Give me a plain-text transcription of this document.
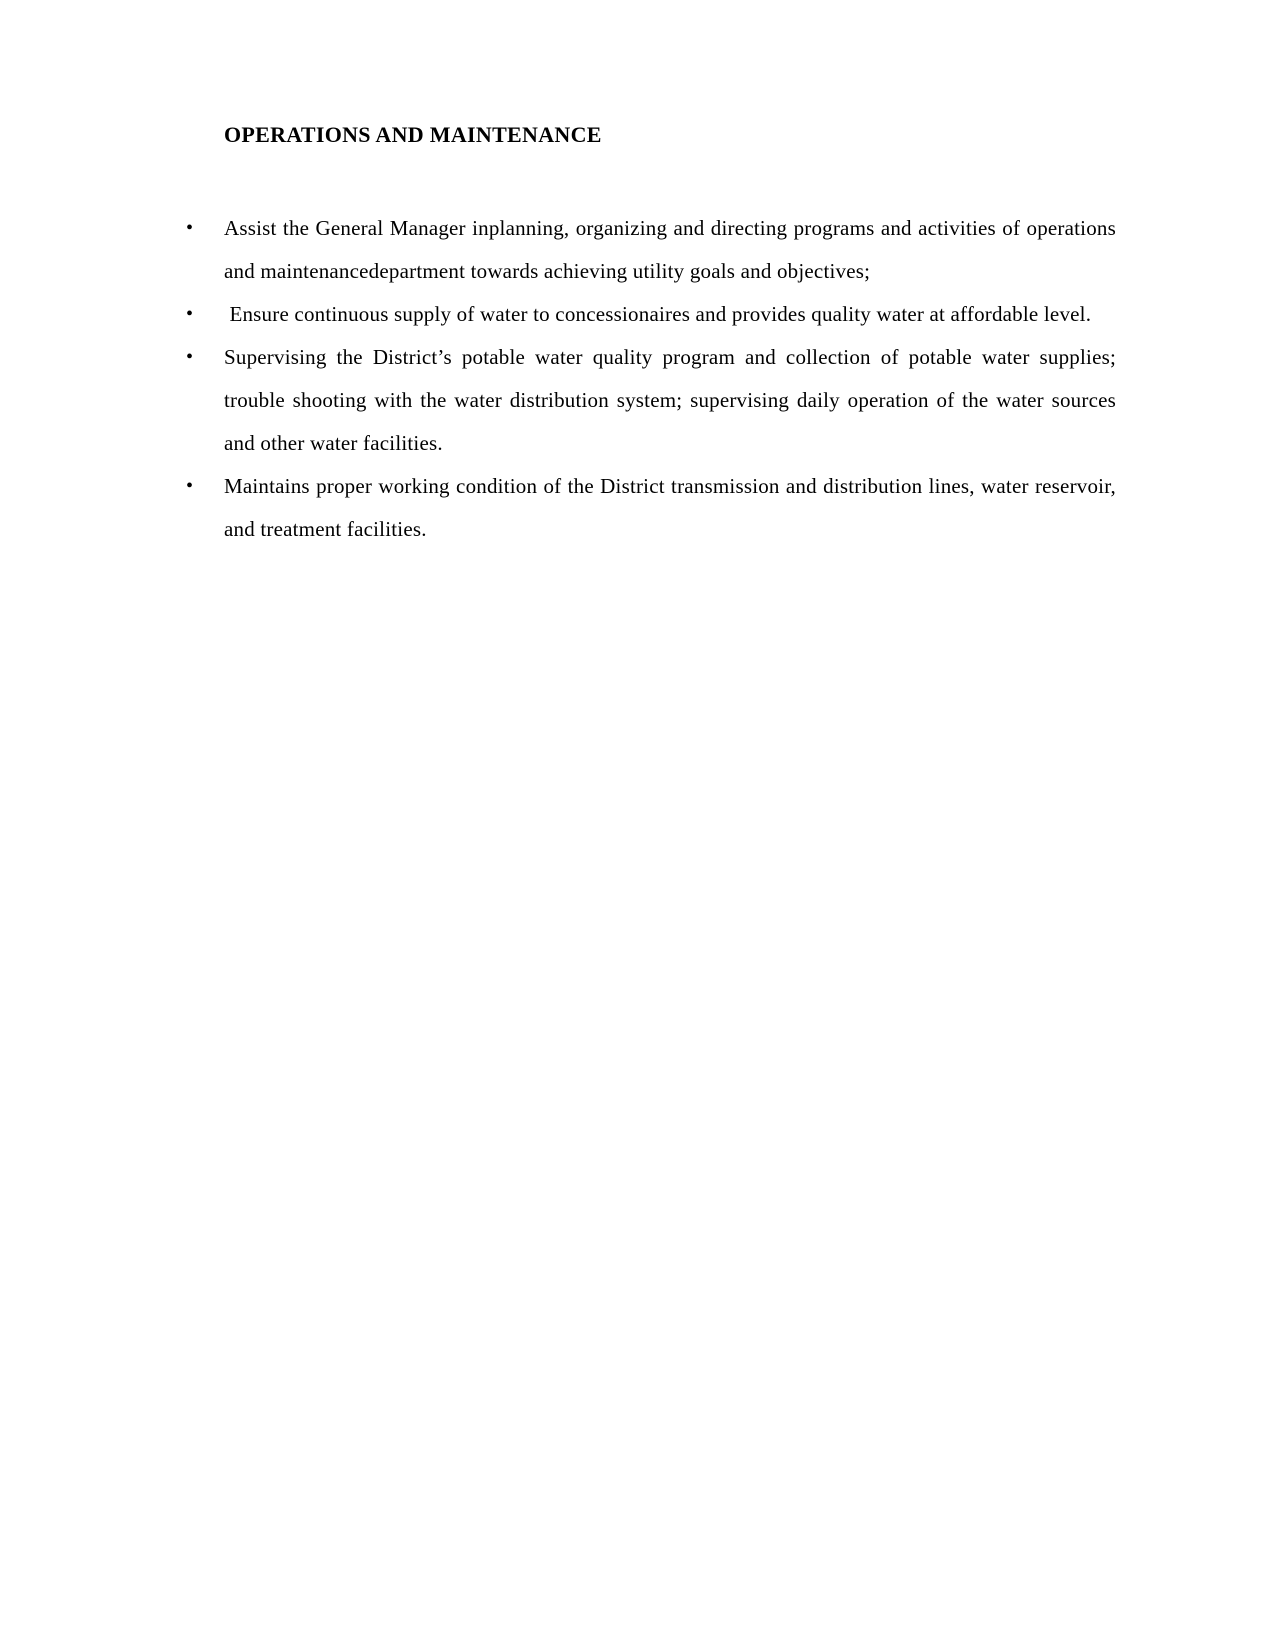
OPERATIONS AND MAINTENANCE
• Assist the General Manager inplanning, organizing and directing programs and activities of operations and maintenancedepartment towards achieving utility goals and objectives;
• Ensure continuous supply of water to concessionaires and provides quality water at affordable level.
• Supervising the District’s potable water quality program and collection of potable water supplies; trouble shooting with the water distribution system; supervising daily operation of the water sources and other water facilities.
• Maintains proper working condition of the District transmission and distribution lines, water reservoir, and treatment facilities.
